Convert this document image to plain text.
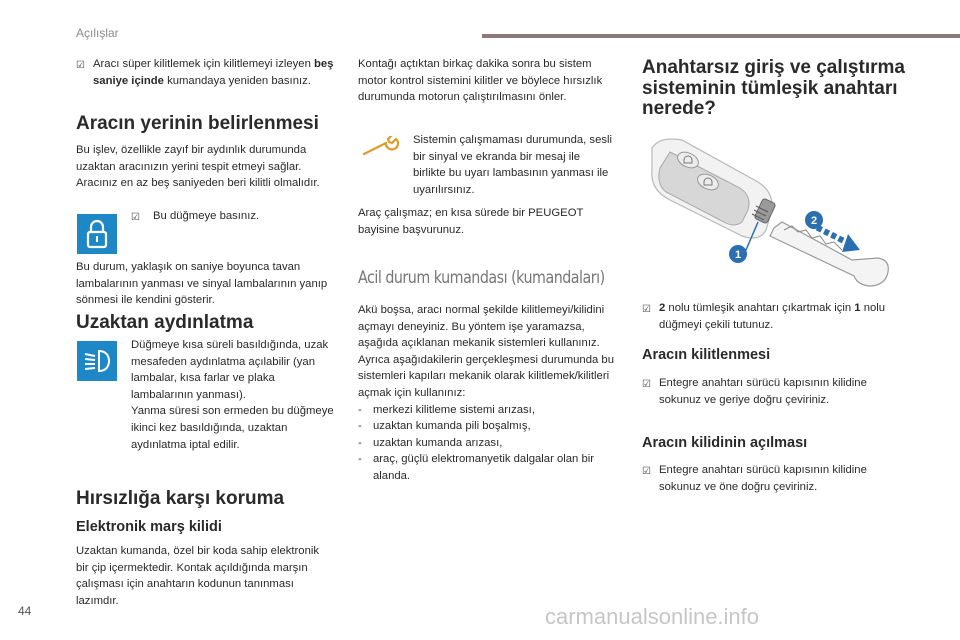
Açılışlar
☑ Aracı süper kilitlemek için kilitlemeyi izleyen beş saniye içinde kumandaya yeniden basınız.
Aracın yerinin belirlenmesi
Bu işlev, özellikle zayıf bir aydınlık durumunda uzaktan aracınızın yerini tespit etmeyi sağlar. Aracınız en az beş saniyeden beri kilitli olmalıdır.
☑	Bu düğmeye basınız.
Bu durum, yaklaşık on saniye boyunca tavan lambalarının yanması ve sinyal lambalarının yanıp sönmesi ile kendini gösterir.
Uzaktan aydınlatma
Düğmeye kısa süreli basıldığında, uzak mesafeden aydınlatma açılabilir (yan lambalar, kısa farlar ve plaka lambalarının yanması).
Yanma süresi son ermeden bu düğmeye ikinci kez basıldığında, uzaktan aydınlatma iptal edilir.
Hırsızlığa karşı koruma
Elektronik marş kilidi
Uzaktan kumanda, özel bir koda sahip elektronik bir çip içermektedir. Kontak açıldığında marşın çalışması için anahtarın kodunun tanınması lazımdır.
Kontağı açtıktan birkaç dakika sonra bu sistem motor kontrol sistemini kilitler ve böylece hırsızlık durumunda motorun çalıştırılmasını önler.
Sistemin çalışmaması durumunda, sesli bir sinyal ve ekranda bir mesaj ile birlikte bu uyarı lambasının yanması ile uyarılırsınız.
Araç çalışmaz; en kısa sürede bir PEUGEOT bayisine başvurunuz.
Acil durum kumandası (kumandaları)
Akü boşsa, aracı normal şekilde kilitlemeyi/kilidini açmayı deneyiniz. Bu yöntem işe yaramazsa, aşağıda açıklanan mekanik sistemleri kullanınız.
Ayrıca aşağıdakilerin gerçekleşmesi durumunda bu sistemleri kapıları mekanik olarak kilitlemek/kilitleri açmak için kullanınız:
- merkezi kilitleme sistemi arızası,
- uzaktan kumanda pili boşalmış,
- uzaktan kumanda arızası,
- araç, güçlü elektromanyetik dalgalar olan bir alanda.
Anahtarsız giriş ve çalıştırma sisteminin tümleşik anahtarı nerede?
1
2
☑ 2 nolu tümleşik anahtarı çıkartmak için 1 nolu düğmeyi çekili tutunuz.
Aracın kilitlenmesi
☑ Entegre anahtarı sürücü kapısının kilidine sokunuz ve geriye doğru çeviriniz.
Aracın kilidinin açılması
☑ Entegre anahtarı sürücü kapısının kilidine sokunuz ve öne doğru çeviriniz.
44	carmanualsonline.info
